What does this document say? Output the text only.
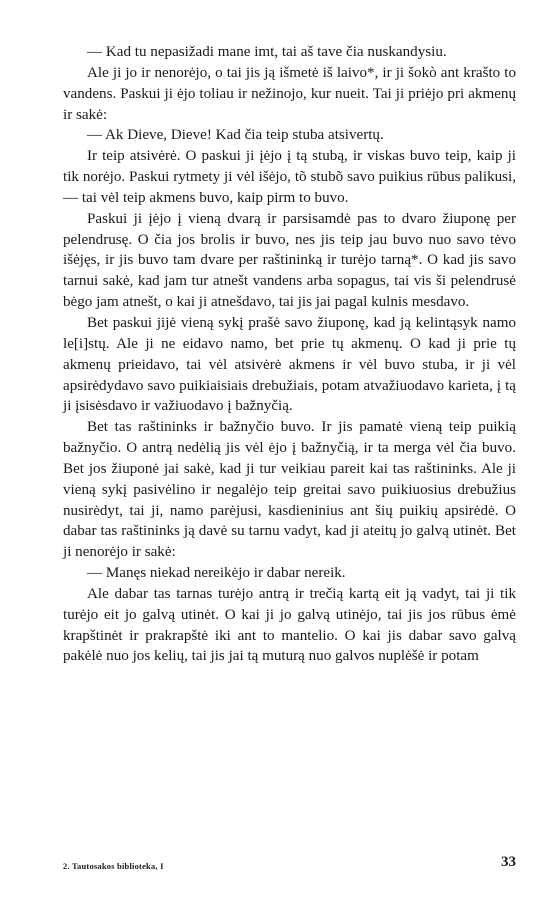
— Kad tu nepasižadi mane imt, tai aš tave čia nuskandysiu.

Ale ji jo ir nenorėjo, o tai jis ją išmetė iš laivo*, ir ji šokò ant krašto to vandens. Paskui ji ėjo toliau ir nežinojo, kur nueit. Tai ji priėjo pri akmenų ir sakė:

— Ak Dieve, Dieve! Kad čia teip stuba atsivertų.

Ir teip atsivėrė. O paskui ji įėjo į tą stubą, ir viskas buvo teip, kaip ji tik norėjo. Paskui rytmety ji vėl išėjo, tõ stubõ savo puikius rūbus palikusi,— tai vėl teip akmens buvo, kaip pirm to buvo.

Paskui ji įėjo į vieną dvarą ir parsisamdė pas to dvaro žiuponę per pelendrusę. O čia jos brolis ir buvo, nes jis teip jau buvo nuo savo tėvo išėjęs, ir jis buvo tam dvare per raštininką ir turėjo tarną*. O kad jis savo tarnui sakė, kad jam tur atnešt vandens arba sopagus, tai vis ši pelendrusė bėgo jam atnešt, o kai ji atnešdavo, tai jis jai pagal kulnis mesdavo.

Bet paskui jijė vieną sykį prašė savo žiuponę, kad ją kelintąsyk namo le[i]stų. Ale ji ne eidavo namo, bet prie tų akmenų. O kad ji prie tų akmenų prieidavo, tai vėl atsivėrė akmens ir vėl buvo stuba, ir ji vėl apsirėdydavo savo puikiaisiais drebužiais, potam atvažiuodavo karieta, į tą ji įsisėsdavo ir važiuodavo į bažnyčią.

Bet tas raštininks ir bažnyčio buvo. Ir jis pamatė vieną teip puikią bažnyčio. O antrą nedėlią jis vėl ėjo į bažnyčią, ir ta merga vėl čia buvo. Bet jos žiuponė jai sakė, kad ji tur veikiau pareit kai tas raštininks. Ale ji vieną sykį pasivėlino ir negalėjo teip greitai savo puikiuosius drebužius nusirėdyt, tai ji, namo parėjusi, kasdieninius ant šių puikių apsirėdė. O dabar tas raštininks ją davė su tarnu vadyt, kad ji ateitų jo galvą utinėt. Bet ji nenorėjo ir sakė:

— Manęs niekad nereikėjo ir dabar nereik.

Ale dabar tas tarnas turėjo antrą ir trečią kartą eit ją vadyt, tai ji tik turėjo eit jo galvą utinėt. O kai ji jo galvą utinėjo, tai jis jos rūbus ėmė krapštinėt ir prakrapštė iki ant to mantelio. O kai jis dabar savo galvą pakėlė nuo jos kelių, tai jis jai tą muturą nuo galvos nuplėšė ir potam

2. Tautosakos biblioteka, I	33
